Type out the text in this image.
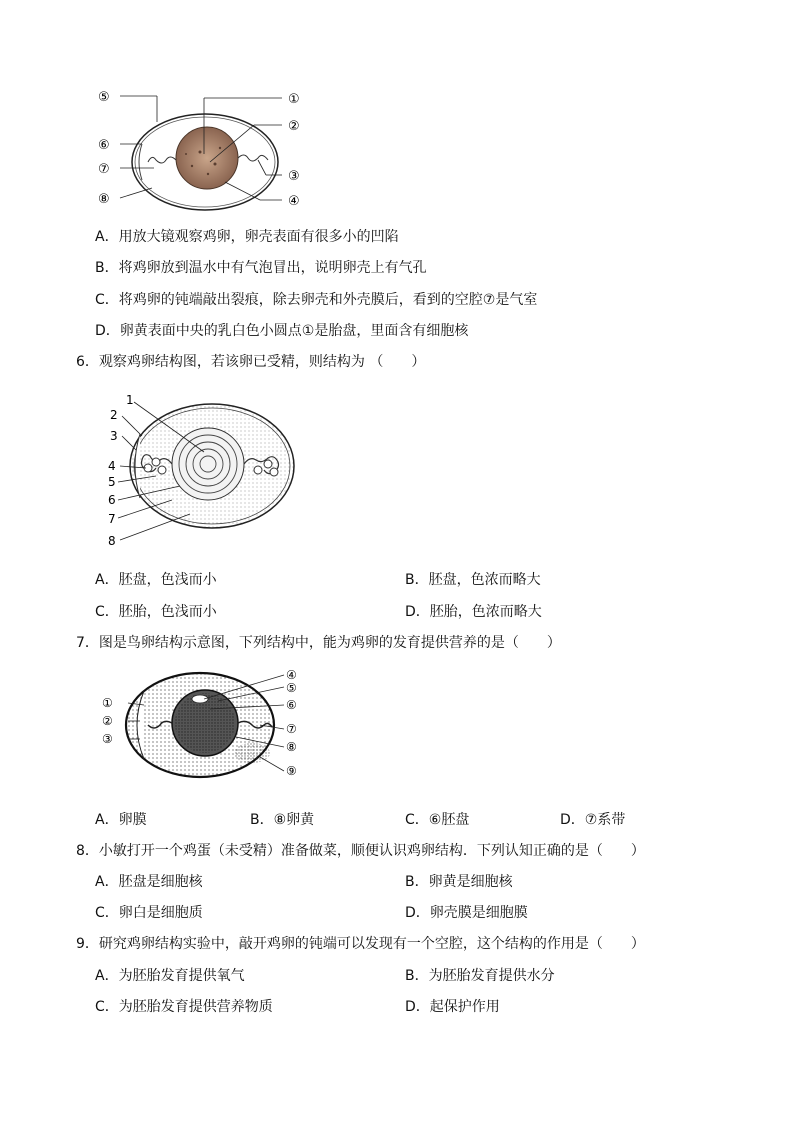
①
②
③
④
⑤
⑥
⑦
⑧
A．用放大镜观察鸡卵，卵壳表面有很多小的凹陷
B．将鸡卵放到温水中有气泡冒出，说明卵壳上有气孔
C．将鸡卵的钝端敲出裂痕，除去卵壳和外壳膜后，看到的空腔⑦是气室
D．卵黄表面中央的乳白色小圆点①是胎盘，里面含有细胞核
6．观察鸡卵结构图，若该卵已受精，则结构为 （　　）
1
2
3
4
5
6
7
8
A．胚盘，色浅而小	B．胚盘，色浓而略大
C．胚胎，色浅而小	D．胚胎，色浓而略大
7．图是鸟卵结构示意图，下列结构中，能为鸡卵的发育提供营养的是（　　）
①
②
③
④
⑤
⑥
⑦
⑧
⑨
A．卵膜	B．⑧卵黄	C．⑥胚盘	D．⑦系带
8．小敏打开一个鸡蛋（未受精）准备做菜，顺便认识鸡卵结构．下列认知正确的是（　　）
A．胚盘是细胞核	B．卵黄是细胞核
C．卵白是细胞质	D．卵壳膜是细胞膜
9．研究鸡卵结构实验中，敲开鸡卵的钝端可以发现有一个空腔，这个结构的作用是（　　）
A．为胚胎发育提供氧气	B．为胚胎发育提供水分
C．为胚胎发育提供营养物质	D．起保护作用
